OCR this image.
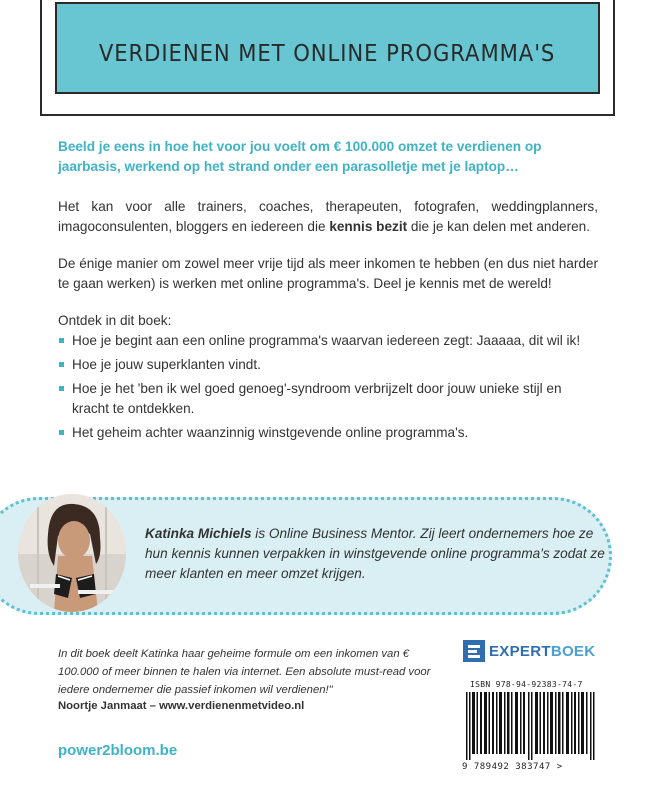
VERDIENEN MET ONLINE PROGRAMMA'S

Beeld je eens in hoe het voor jou voelt om € 100.000 omzet te verdienen op jaarbasis, werkend op het strand onder een parasolletje met je laptop…

Het kan voor alle trainers, coaches, therapeuten, fotografen, weddingplanners, imagoconsulenten, bloggers en iedereen die kennis bezit die je kan delen met anderen.

De énige manier om zowel meer vrije tijd als meer inkomen te hebben (en dus niet harder te gaan werken) is werken met online programma's. Deel je kennis met de wereld!

Ontdek in dit boek:

Hoe je begint aan een online programma's waarvan iedereen zegt: Jaaaaa, dit wil ik!
Hoe je jouw superklanten vindt.
Hoe je het 'ben ik wel goed genoeg'-syndroom verbrijzelt door jouw unieke stijl en kracht te ontdekken.
Het geheim achter waanzinnig winstgevende online programma's.
Katinka Michiels is Online Business Mentor. Zij leert ondernemers hoe ze hun kennis kunnen verpakken in winstgevende online programma's zodat ze meer klanten en meer omzet krijgen.
In dit boek deelt Katinka haar geheime formule om een inkomen van € 100.000 of meer binnen te halen via internet. Een absolute must-read voor iedere ondernemer die passief inkomen wil verdienen!"
Noortje Janmaat – www.verdienenmetvideo.nl
power2bloom.be
EXPERTBOEK
ISBN 978-94-92383-74-7
9 789492 383747 >
